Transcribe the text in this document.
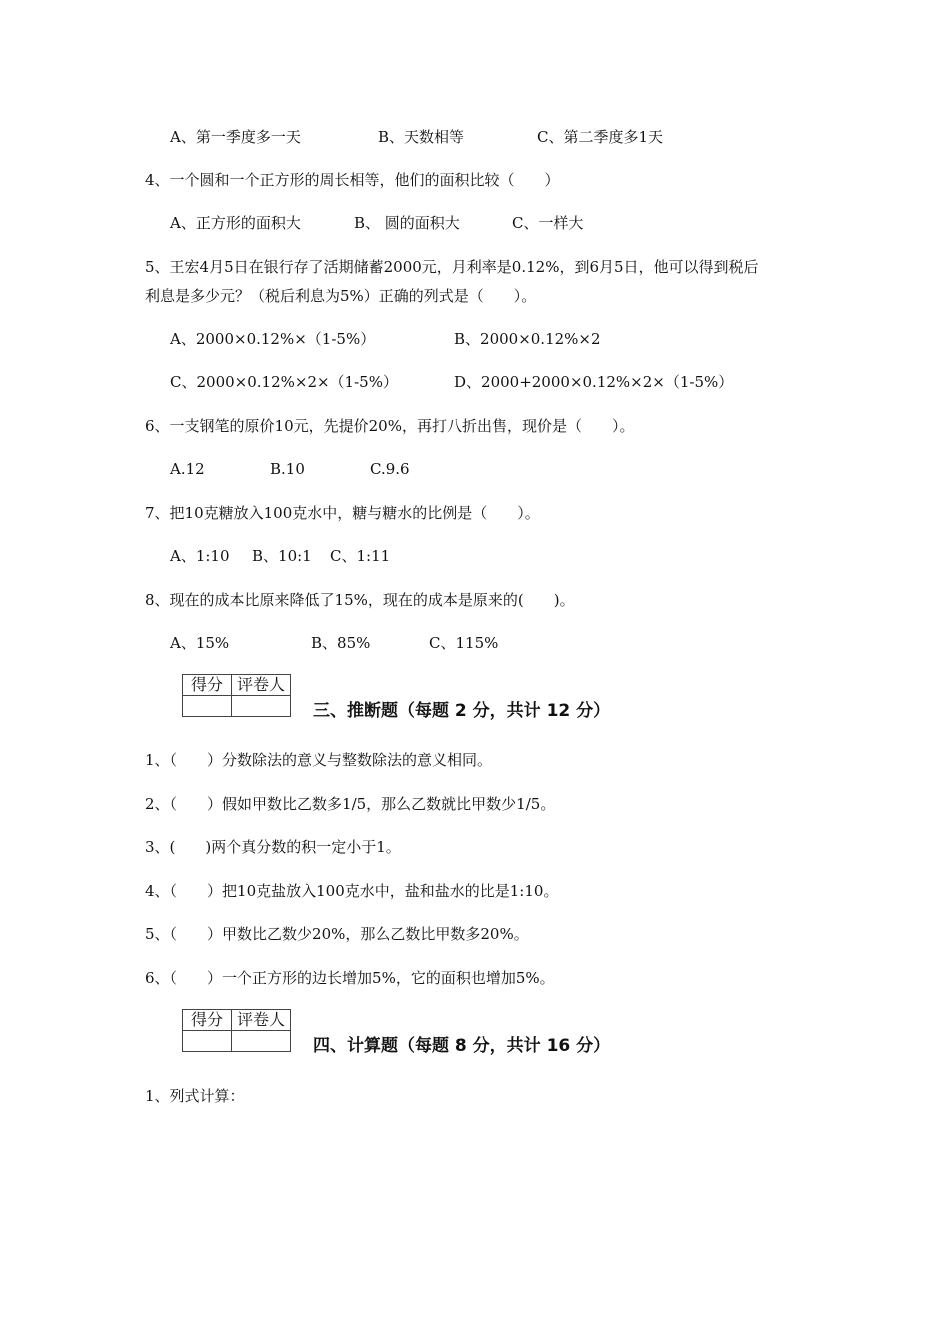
A、第一季度多一天	B、天数相等	C、第二季度多1天
4、一个圆和一个正方形的周长相等，他们的面积比较（　　）
A、正方形的面积大	B、 圆的面积大	C、一样大
5、王宏4月5日在银行存了活期储蓄2000元，月利率是0.12%，到6月5日，他可以得到税后
利息是多少元？（税后利息为5%）正确的列式是（　　）。
A、2000×0.12%×（1-5%）	B、2000×0.12%×2
C、2000×0.12%×2×（1-5%）	D、2000+2000×0.12%×2×（1-5%）
6、一支钢笔的原价10元，先提价20%，再打八折出售，现价是（　　）。
A.12	B.10	C.9.6
7、把10克糖放入100克水中，糖与糖水的比例是（　　）。
A、1:10 B、10:1 C、1:11
8、现在的成本比原来降低了15%，现在的成本是原来的(　　)。
A、15%	B、85%	C、115%
得分	评卷人

三、推断题（每题 2 分，共计 12 分）
1、（　　）分数除法的意义与整数除法的意义相同。
2、（　　）假如甲数比乙数多1/5，那么乙数就比甲数少1/5。
3、(　　)两个真分数的积一定小于1。
4、（　　）把10克盐放入100克水中，盐和盐水的比是1:10。
5、（　　）甲数比乙数少20%，那么乙数比甲数多20%。
6、（　　）一个正方形的边长增加5%，它的面积也增加5%。
得分	评卷人

四、计算题（每题 8 分，共计 16 分）
1、列式计算：
